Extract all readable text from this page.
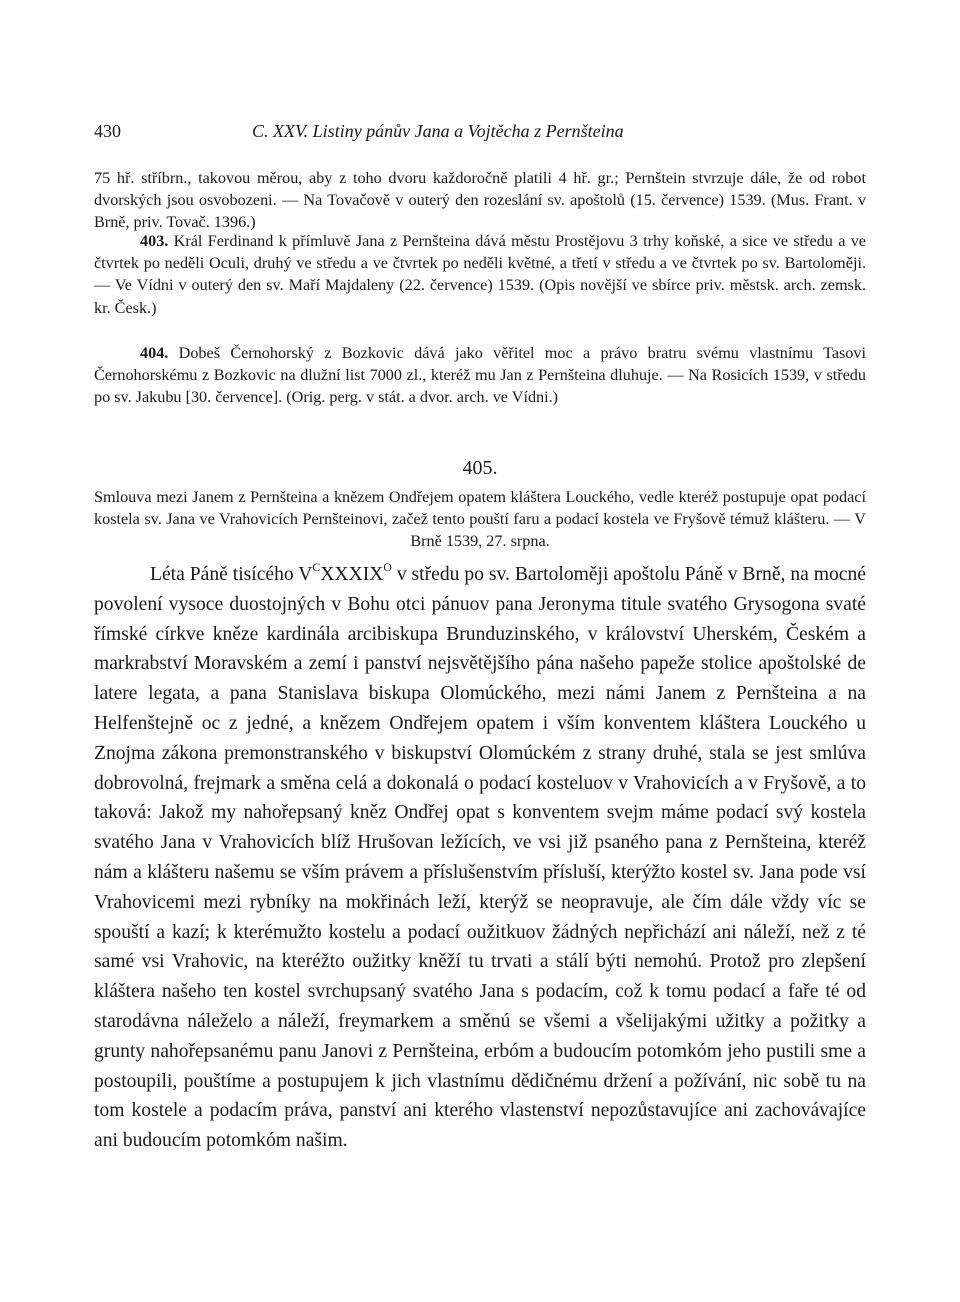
430	C. XXV. Listiny pánův Jana a Vojtěcha z Pernšteina

75 hř. stříbrn., takovou měrou, aby z toho dvoru každoročně platili 4 hř. gr.; Pernštein stvrzuje dále, že od robot dvorských jsou osvobozeni. — Na Tovačově v outerý den rozeslání sv. apoštolů (15. července) 1539. (Mus. Frant. v Brně, priv. Tovač. 1396.)

403. Král Ferdinand k přímluvě Jana z Pernšteina dává městu Prostějovu 3 trhy koňské, a sice ve středu a ve čtvrtek po neděli Oculi, druhý ve středu a ve čtvrtek po neděli květné, a třetí v středu a ve čtvrtek po sv. Bartoloměji. — Ve Vídni v outerý den sv. Maří Majdaleny (22. července) 1539. (Opis novější ve sbírce priv. městsk. arch. zemsk. kr. Česk.)

404. Dobeš Černohorský z Bozkovic dává jako věřitel moc a právo bratru svému vlastnímu Tasovi Černohorskému z Bozkovic na dlužní list 7000 zl., kteréž mu Jan z Pernšteina dluhuje. — Na Rosicích 1539, v středu po sv. Jakubu [30. července]. (Orig. perg. v stát. a dvor. arch. ve Vídni.)

405.

Smlouva mezi Janem z Pernšteina a knězem Ondřejem opatem kláštera Louckého, vedle kteréž postupuje opat podací kostela sv. Jana ve Vrahovicích Pernšteinovi, začež tento pouští faru a podací kostela ve Fryšově témuž klášteru. — V Brně 1539, 27. srpna.

Léta Páně tisícého $V^CXXXIX^O$ v středu po sv. Bartoloměji apoštolu Páně v Brně, na mocné povolení vysoce duostojných v Bohu otci pánuov pana Jeronyma titule svatého Grysogona svaté římské církve kněze kardinála arcibiskupa Brunduzinského, v království Uherském, Českém a markrabství Moravském a zemí i panství nejsvětějšího pána našeho papeže stolice apoštolské de latere legata, a pana Stanislava biskupa Olomúckého, mezi námi Janem z Pernšteina a na Helfenštejně oc z jedné, a knězem Ondřejem opatem i vším konventem kláštera Louckého u Znojma zákona premonstranského v biskupství Olomúckém z strany druhé, stala se jest smlúva dobrovolná, frejmark a směna celá a dokonalá o podací kosteluov v Vrahovicích a v Fryšově, a to taková: Jakož my nahořepsaný kněz Ondřej opat s konventem svejm máme podací svý kostela svatého Jana v Vrahovicích blíž Hrušovan ležících, ve vsi již psaného pana z Pernšteina, kteréž nám a klášteru našemu se vším právem a příslušenstvím přísluší, kterýžto kostel sv. Jana pode vsí Vrahovicemi mezi rybníky na mokřinách leží, kterýž se neopravuje, ale čím dále vždy víc se spouští a kazí; k kterémužto kostelu a podací oužitkuov žádných nepřichází ani náleží, než z té samé vsi Vrahovic, na kteréžto oužitky kněží tu trvati a stálí býti nemohú. Protož pro zlepšení kláštera našeho ten kostel svrchupsaný svatého Jana s podacím, což k tomu podací a faře té od starodávna náleželo a náleží, freymarkem a směnú se všemi a všelijakými užitky a požitky a grunty nahořepsanému panu Janovi z Pernšteina, erbóm a budoucím potomkóm jeho pustili sme a postoupili, pouštíme a postupujem k jich vlastnímu dědičnému držení a požívání, nic sobě tu na tom kostele a podacím práva, panství ani kterého vlastenství nepozůstavujíce ani zachovávajíce ani budoucím potomkóm našim.
